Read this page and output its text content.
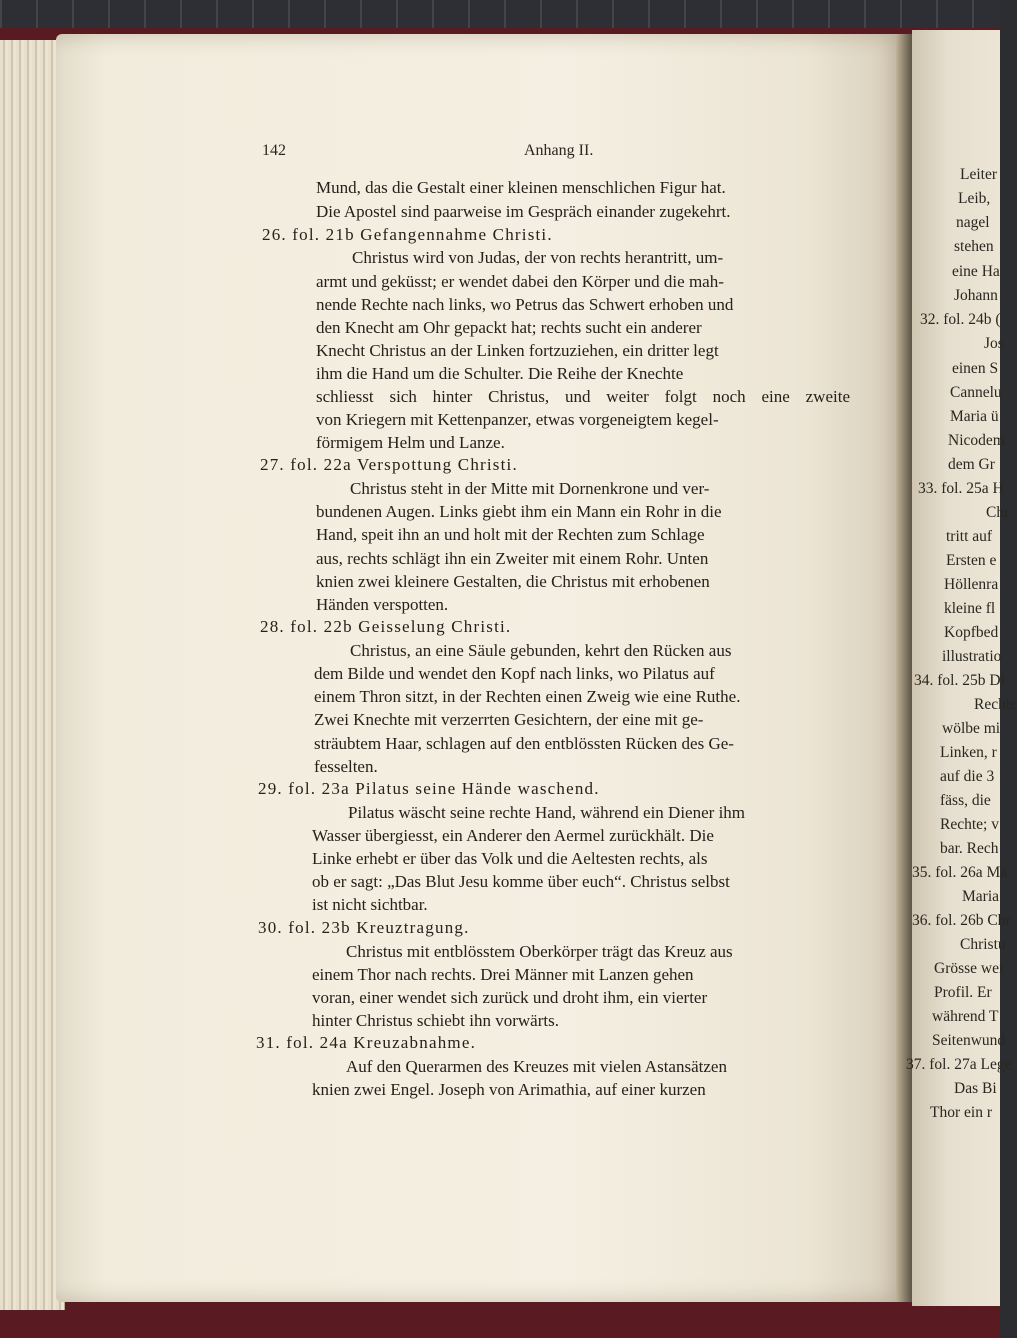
Leiter
Leib,
nagel
stehen
eine Ha
Johann
32. fol. 24b (
Jos
einen S
Cannelu
Maria ü
Nicodem
dem Gr
33. fol. 25a H
Chr
tritt auf
Ersten e
Höllenra
kleine fl
Kopfbed
illustratio
34. fol. 25b Di
Rechte
wölbe mi
Linken, r
auf die 3
fäss, die
Rechte; v
bar. Rech
35. fol. 26a Ma
Maria
36. fol. 26b Chr
Christu
Grösse wei
Profil. Er
während T
Seitenwund
37. fol. 27a Lege
Das Bi
Thor ein r
142	Anhang II.
Mund, das die Gestalt einer kleinen menschlichen Figur hat.
Die Apostel sind paarweise im Gespräch einander zugekehrt.
26. fol. 21b Gefangennahme Christi.
Christus wird von Judas, der von rechts herantritt, um-
armt und geküsst; er wendet dabei den Körper und die mah-
nende Rechte nach links, wo Petrus das Schwert erhoben und
den Knecht am Ohr gepackt hat; rechts sucht ein anderer
Knecht Christus an der Linken fortzuziehen, ein dritter legt
ihm die Hand um die Schulter. Die Reihe der Knechte
schliesst sich hinter Christus, und weiter folgt noch eine zweite
von Kriegern mit Kettenpanzer, etwas vorgeneigtem kegel-
förmigem Helm und Lanze.
27. fol. 22a Verspottung Christi.
Christus steht in der Mitte mit Dornenkrone und ver-
bundenen Augen. Links giebt ihm ein Mann ein Rohr in die
Hand, speit ihn an und holt mit der Rechten zum Schlage
aus, rechts schlägt ihn ein Zweiter mit einem Rohr. Unten
knien zwei kleinere Gestalten, die Christus mit erhobenen
Händen verspotten.
28. fol. 22b Geisselung Christi.
Christus, an eine Säule gebunden, kehrt den Rücken aus
dem Bilde und wendet den Kopf nach links, wo Pilatus auf
einem Thron sitzt, in der Rechten einen Zweig wie eine Ruthe.
Zwei Knechte mit verzerrten Gesichtern, der eine mit ge-
sträubtem Haar, schlagen auf den entblössten Rücken des Ge-
fesselten.
29. fol. 23a Pilatus seine Hände waschend.
Pilatus wäscht seine rechte Hand, während ein Diener ihm
Wasser übergiesst, ein Anderer den Aermel zurückhält. Die
Linke erhebt er über das Volk und die Aeltesten rechts, als
ob er sagt: „Das Blut Jesu komme über euch“. Christus selbst
ist nicht sichtbar.
30. fol. 23b Kreuztragung.
Christus mit entblösstem Oberkörper trägt das Kreuz aus
einem Thor nach rechts. Drei Männer mit Lanzen gehen
voran, einer wendet sich zurück und droht ihm, ein vierter
hinter Christus schiebt ihn vorwärts.
31. fol. 24a Kreuzabnahme.
Auf den Querarmen des Kreuzes mit vielen Astansätzen
knien zwei Engel. Joseph von Arimathia, auf einer kurzen
